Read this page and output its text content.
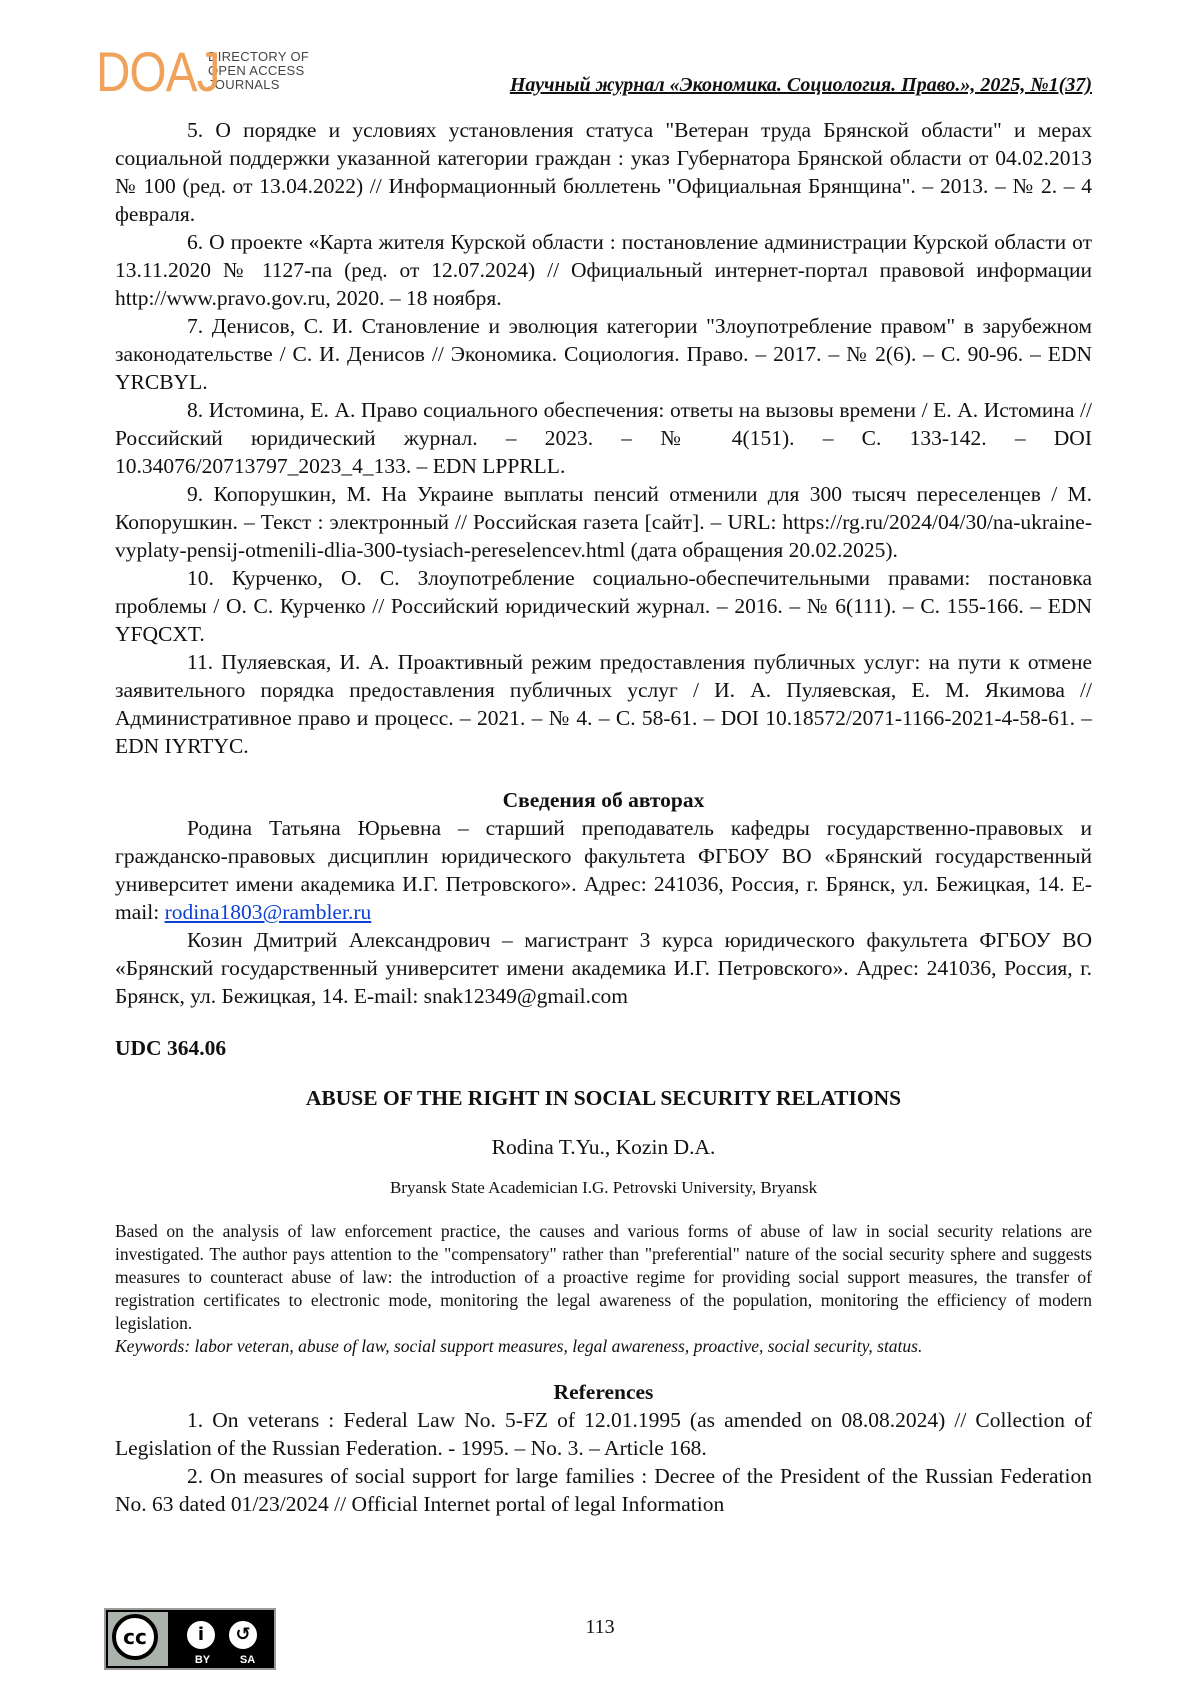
DOAJ
DIRECTORY OF
OPEN ACCESS
JOURNALS	Научный журнал «Экономика. Социология. Право.», 2025, №1(37)

5. О порядке и условиях установления статуса "Ветеран труда Брянской области" и мерах социальной поддержки указанной категории граждан : указ Губернатора Брянской области от 04.02.2013 № 100 (ред. от 13.04.2022) // Информационный бюллетень "Официальная Брянщина". – 2013. – № 2. – 4 февраля.

6. О проекте «Карта жителя Курской области : постановление администрации Курской области от 13.11.2020 № 1127-па (ред. от 12.07.2024) // Официальный интернет-портал правовой информации http://www.pravo.gov.ru, 2020. – 18 ноября.

7. Денисов, С. И. Становление и эволюция категории "Злоупотребление правом" в зарубежном законодательстве / С. И. Денисов // Экономика. Социология. Право. – 2017. – № 2(6). – С. 90-96. – EDN YRCBYL.

8. Истомина, Е. А. Право социального обеспечения: ответы на вызовы времени / Е. А. Истомина // Российский юридический журнал. – 2023. – № 4(151). – С. 133-142. – DOI 10.34076/20713797_2023_4_133. – EDN LPPRLL.

9. Копорушкин, М. На Украине выплаты пенсий отменили для 300 тысяч переселенцев / М. Копорушкин. – Текст : электронный // Российская газета [сайт]. – URL: https://rg.ru/2024/04/30/na-ukraine-vyplaty-pensij-otmenili-dlia-300-tysiach-pereselencev.html (дата обращения 20.02.2025).

10. Курченко, О. С. Злоупотребление социально-обеспечительными правами: постановка проблемы / О. С. Курченко // Российский юридический журнал. – 2016. – № 6(111). – С. 155-166. – EDN YFQCXT.

11. Пуляевская, И. А. Проактивный режим предоставления публичных услуг: на пути к отмене заявительного порядка предоставления публичных услуг / И. А. Пуляевская, Е. М. Якимова // Административное право и процесс. – 2021. – № 4. – С. 58-61. – DOI 10.18572/2071-1166-2021-4-58-61. – EDN IYRTYC.

Сведения об авторах

Родина Татьяна Юрьевна – старший преподаватель кафедры государственно-правовых и гражданско-правовых дисциплин юридического факультета ФГБОУ ВО «Брянский государственный университет имени академика И.Г. Петровского». Адрес: 241036, Россия, г. Брянск, ул. Бежицкая, 14. E-mail: rodina1803@rambler.ru

Козин Дмитрий Александрович – магистрант 3 курса юридического факультета ФГБОУ ВО «Брянский государственный университет имени академика И.Г. Петровского». Адрес: 241036, Россия, г. Брянск, ул. Бежицкая, 14. E-mail: snak12349@gmail.com

UDC 364.06

ABUSE OF THE RIGHT IN SOCIAL SECURITY RELATIONS

Rodina T.Yu., Kozin D.A.

Bryansk State Academician I.G. Petrovski University, Bryansk

Based on the analysis of law enforcement practice, the causes and various forms of abuse of law in social security relations are investigated. The author pays attention to the "compensatory" rather than "preferential" nature of the social security sphere and suggests measures to counteract abuse of law: the introduction of a proactive regime for providing social support measures, the transfer of registration certificates to electronic mode, monitoring the legal awareness of the population, monitoring the efficiency of modern legislation.

Keywords: labor veteran, abuse of law, social support measures, legal awareness, proactive, social security, status.

References

1. On veterans : Federal Law No. 5-FZ of 12.01.1995 (as amended on 08.08.2024) // Collection of Legislation of the Russian Federation. - 1995. – No. 3. – Article 168.

2. On measures of social support for large families : Decree of the President of the Russian Federation No. 63 dated 01/23/2024 // Official Internet portal of legal Information

cc	i	↺
BY	SA
113
